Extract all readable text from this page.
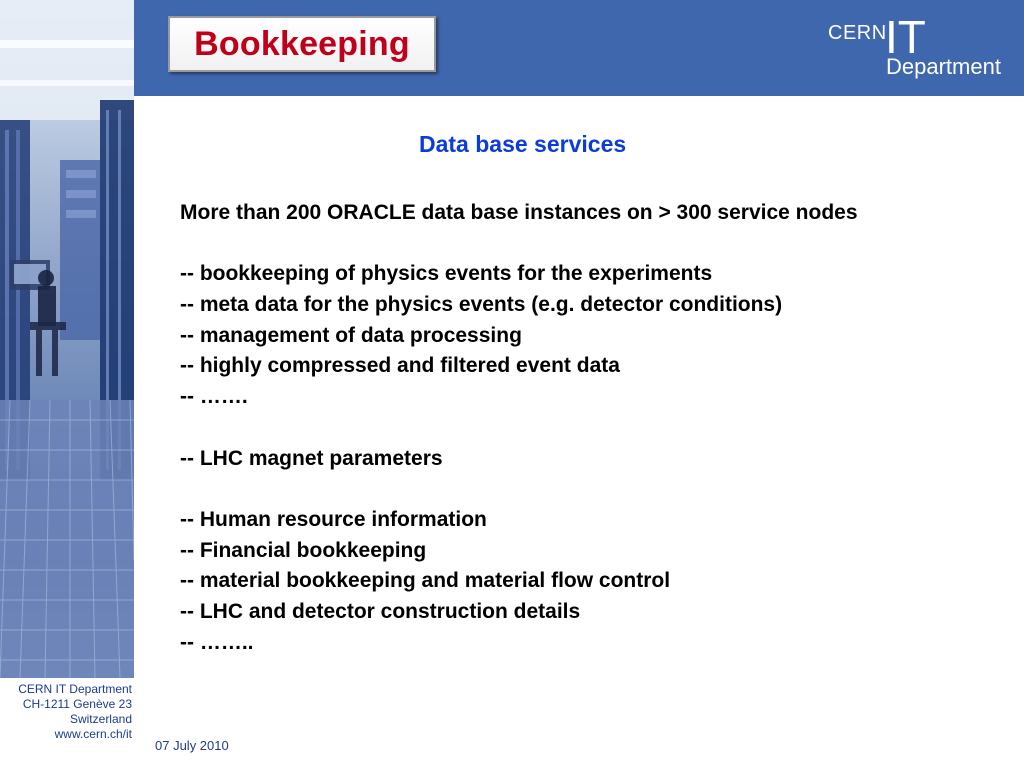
Bookkeeping	CERN
IT
Department
Data base services
More than 200 ORACLE data base instances on > 300 service nodes
-- bookkeeping of physics events for the experiments
-- meta data for the physics events (e.g. detector conditions)
-- management of data processing
-- highly compressed and filtered event data
-- …….
-- LHC magnet parameters
-- Human resource information
-- Financial bookkeeping
-- material bookkeeping and material flow control
-- LHC and detector construction details
-- ……..
CERN IT Department
CH-1211 Genève 23
Switzerland
www.cern.ch/it
07 July 2010
